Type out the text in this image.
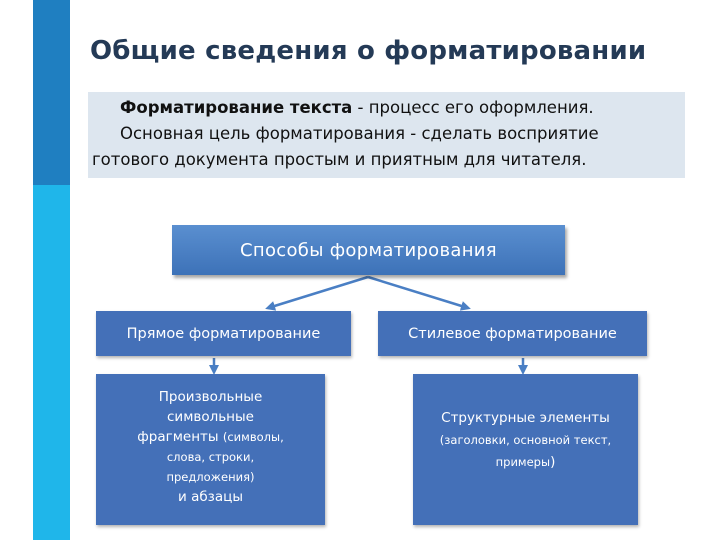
Общие сведения о форматировании

Форматирование текста - процесс его оформления.

Основная цель форматирования - сделать восприятие

готового документа простым и приятным для читателя.

Способы форматирования
Прямое форматирование	Стилевое форматирование
Произвольные
символьные
фрагменты (символы,
слова, строки,
предложения)
и абзацы
Структурные элементы
(заголовки, основной текст,
примеры)
